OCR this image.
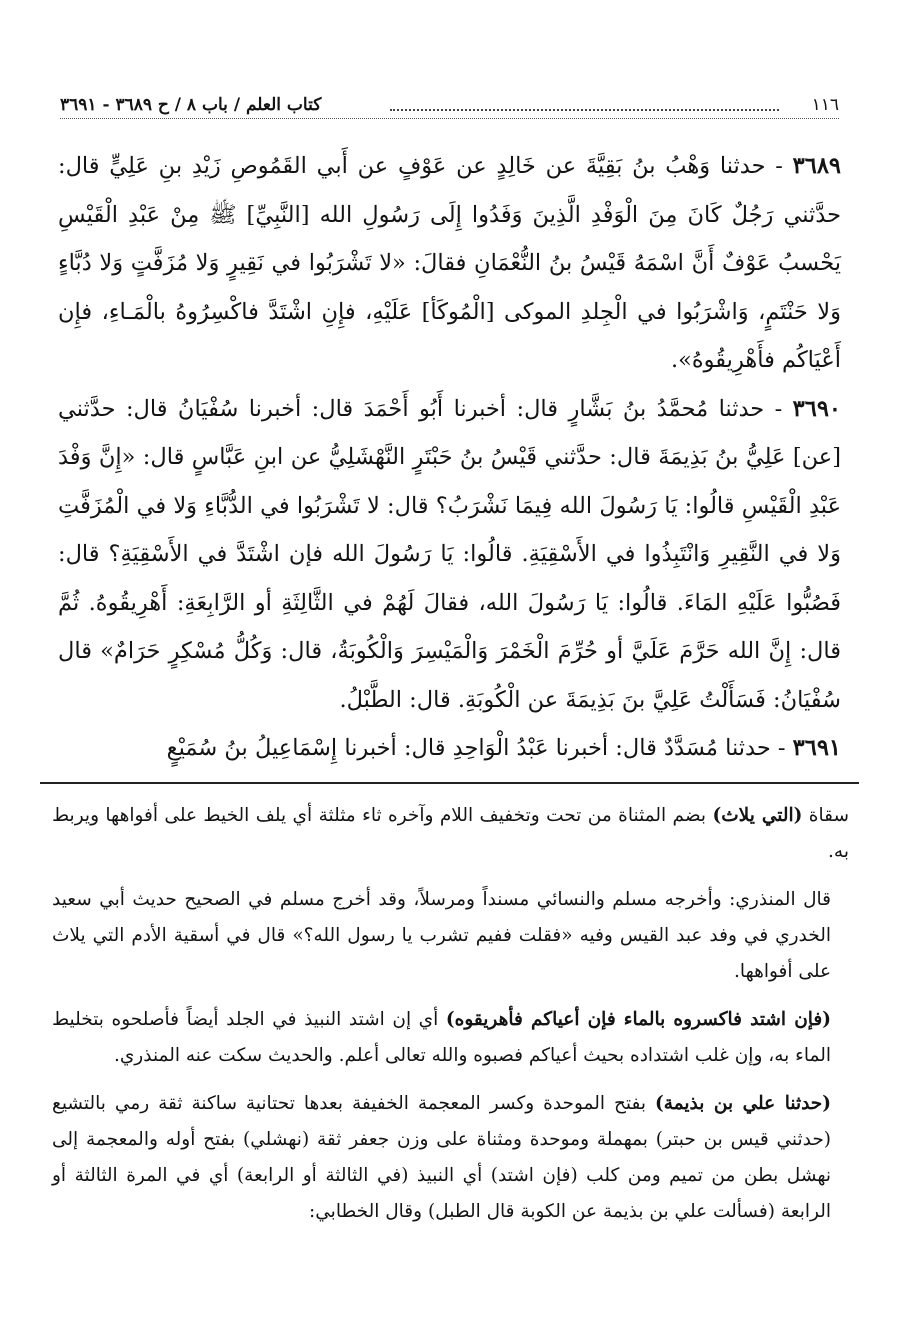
١١٦
كتاب العلم / باب ٨ / ح ٣٦٨٩ - ٣٦٩١

٣٦٨٩ - حدثنا وَهْبُ بنُ بَقِيَّةَ عن خَالِدٍ عن عَوْفٍ عن أَبي القَمُوصِ زَيْدِ بنِ عَلِيٍّ قال: حدَّثني رَجُلٌ كَانَ مِنَ الْوَفْدِ الَّذِينَ وَفَدُوا إِلَى رَسُولِ الله [النَّبِيِّ] ﷺ مِنْ عَبْدِ الْقَيْسِ يَحْسبُ عَوْفٌ أَنَّ اسْمَهُ قَيْسُ بنُ النُّعْمَانِ فقالَ: «لا تَشْرَبُوا في نَقِيرٍ وَلا مُزَفَّتٍ وَلا دُبَّاءٍ وَلا حَنْتَمٍ، وَاشْرَبُوا في الْجِلدِ الموكى [الْمُوكَأ] عَلَيْهِ، فإِنِ اشْتَدَّ فاكْسِرُوهُ بالْمَـاءِ، فإِن أَعْيَاكُم فأَهْرِيقُوهُ».

٣٦٩٠ - حدثنا مُحمَّدُ بنُ بَشَّارٍ قال: أخبرنا أَبُو أَحْمَدَ قال: أخبرنا سُفْيَانُ قال: حدَّثني [عن] عَلِيُّ بنُ بَذِيمَةَ قال: حدَّثني قَيْسُ بنُ حَبْتَرٍ النَّهْشَلِيُّ عن ابنِ عَبَّاسٍ قال: «إِنَّ وَفْدَ عَبْدِ الْقَيْسِ قالُوا: يَا رَسُولَ الله فِيمَا نَشْرَبُ؟ قال: لا تَشْرَبُوا في الدُّبَّاءِ وَلا في الْمُزَفَّتِ وَلا في النَّقِيرِ وَانْتَبِذُوا في الأَسْقِيَةِ. قالُوا: يَا رَسُولَ الله فإن اشْتَدَّ في الأَسْقِيَةِ؟ قال: فَصُبُّوا عَلَيْهِ المَاءَ. قالُوا: يَا رَسُولَ الله، فقالَ لَهُمْ في الثَّالِثَةِ أو الرَّابِعَةِ: أَهْرِيقُوهُ. ثُمَّ قال: إِنَّ الله حَرَّمَ عَلَيَّ أو حُرِّمَ الْخَمْرَ وَالْمَيْسِرَ وَالْكُوبَةُ، قال: وَكُلُّ مُسْكِرٍ حَرَامٌ» قال سُفْيَانُ: فَسَأَلْتُ عَلِيَّ بنَ بَذِيمَةَ عن الْكُوبَةِ. قال: الطَّبْلُ.

٣٦٩١ - حدثنا مُسَدَّدٌ قال: أخبرنا عَبْدُ الْوَاحِدِ قال: أخبرنا إِسْمَاعِيلُ بنُ سُمَيْعٍ

سقاة (التي يلاث) بضم المثناة من تحت وتخفيف اللام وآخره ثاء مثلثة أي يلف الخيط على أفواهها ويربط به.

قال المنذري: وأخرجه مسلم والنسائي مسنداً ومرسلاً، وقد أخرج مسلم في الصحيح حديث أبي سعيد الخدري في وفد عبد القيس وفيه «فقلت ففيم تشرب يا رسول الله؟» قال في أسقية الأدم التي يلاث على أفواهها.

(فإن اشتد فاكسروه بالماء فإن أعياكم فأهريقوه) أي إن اشتد النبيذ في الجلد أيضاً فأصلحوه بتخليط الماء به، وإن غلب اشتداده بحيث أعياكم فصبوه والله تعالى أعلم. والحديث سكت عنه المنذري.

(حدثنا علي بن بذيمة) بفتح الموحدة وكسر المعجمة الخفيفة بعدها تحتانية ساكنة ثقة رمي بالتشيع (حدثني قيس بن حبتر) بمهملة وموحدة ومثناة على وزن جعفر ثقة (نهشلي) بفتح أوله والمعجمة إلى نهشل بطن من تميم ومن كلب (فإن اشتد) أي النبيذ (في الثالثة أو الرابعة) أي في المرة الثالثة أو الرابعة (فسألت علي بن بذيمة عن الكوبة قال الطبل) وقال الخطابي:
